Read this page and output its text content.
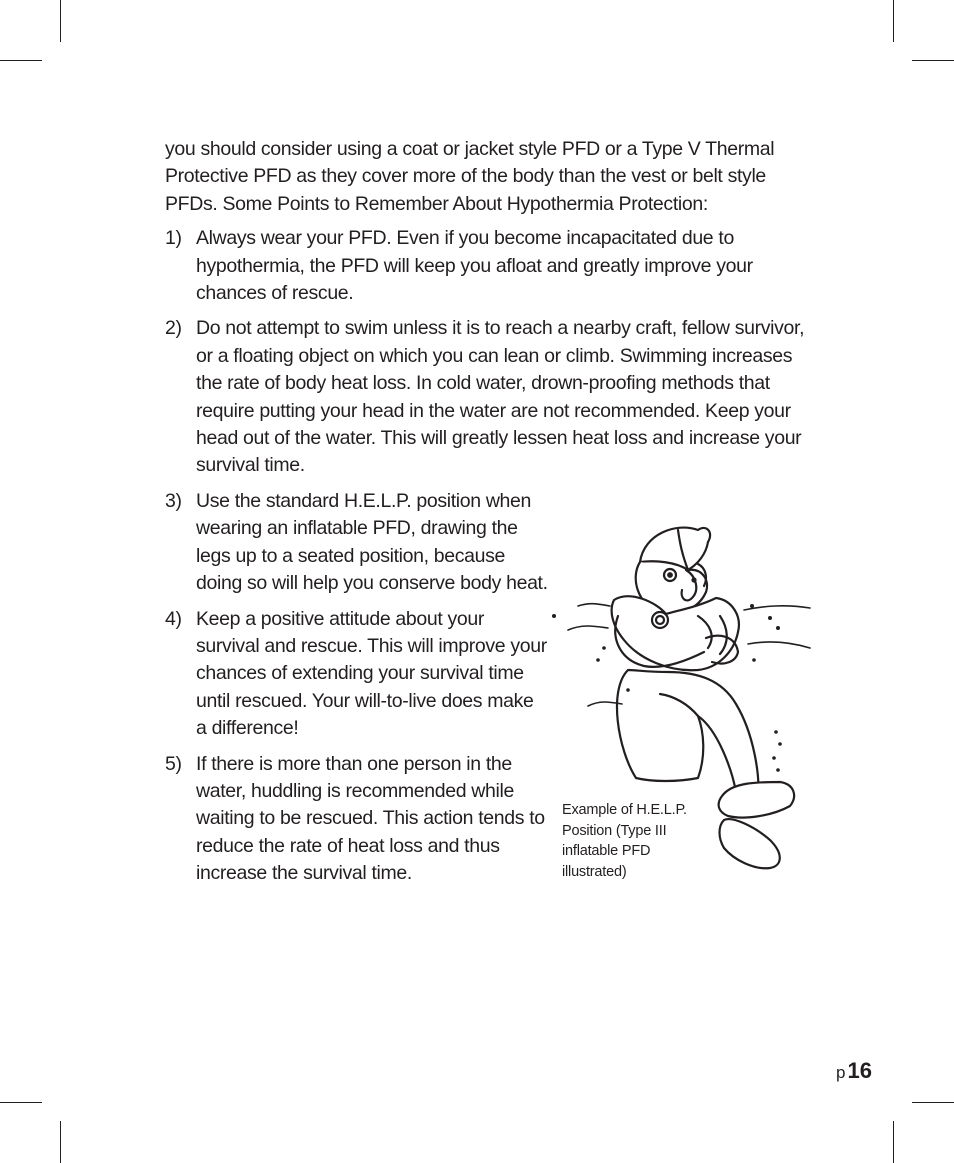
you should consider using a coat or jacket style PFD or a Type V Thermal Protective PFD as they cover more of the body than the vest or belt style PFDs. Some Points to Remember About Hypothermia Protection:

1) Always wear your PFD. Even if you become incapacitated due to hypothermia, the PFD will keep you afloat and greatly improve your chances of rescue.
2) Do not attempt to swim unless it is to reach a nearby craft, fellow survivor, or a floating object on which you can lean or climb. Swimming increases the rate of body heat loss. In cold water, drown-proofing methods that require putting your head in the water are not recommended. Keep your head out of the water. This will greatly lessen heat loss and increase your survival time.
3) Use the standard H.E.L.P. position when wearing an inflatable PFD, drawing the legs up to a seated position, because doing so will help you conserve body heat.
4) Keep a positive attitude about your survival and rescue. This will improve your chances of extending your survival time until rescued. Your will-to-live does make a difference!
5) If there is more than one person in the water, huddling is recommended while waiting to be rescued. This action tends to reduce the rate of heat loss and thus increase the survival time.
Example of H.E.L.P. Position (Type III inflatable PFD illustrated)
p16
